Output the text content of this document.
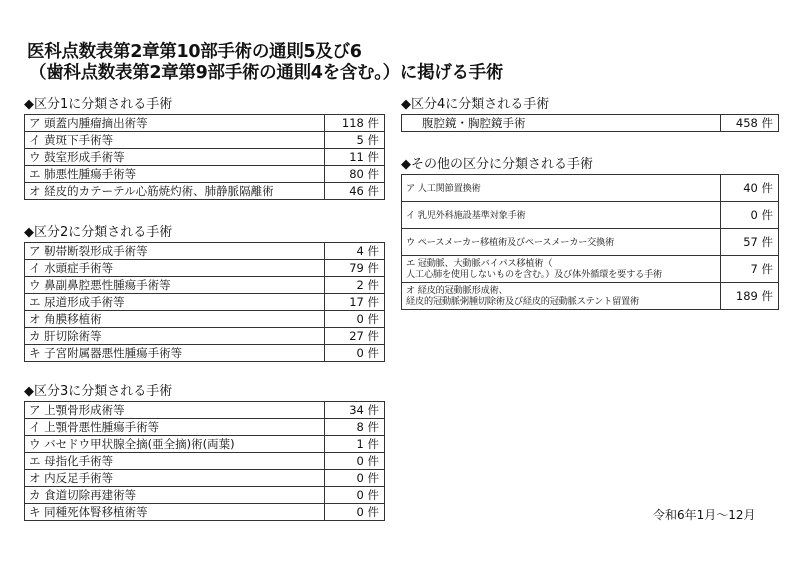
医科点数表第2章第10部手術の通則5及び6
（歯科点数表第2章第9部手術の通則4を含む。）に掲げる手術
◆区分1に分類される手術
ア 頭蓋内腫瘤摘出術等	118 件
イ 黄斑下手術等	5 件
ウ 鼓室形成手術等	11 件
エ 肺悪性腫瘍手術等	80 件
オ 経皮的カテーテル心筋焼灼術、肺静脈隔離術	46 件
◆区分2に分類される手術
ア 靭帯断裂形成手術等	4 件
イ 水頭症手術等	79 件
ウ 鼻副鼻腔悪性腫瘍手術等	2 件
エ 尿道形成手術等	17 件
オ 角膜移植術	0 件
カ 肝切除術等	27 件
キ 子宮附属器悪性腫瘍手術等	0 件
◆区分3に分類される手術
ア 上顎骨形成術等	34 件
イ 上顎骨悪性腫瘍手術等	8 件
ウ バセドウ甲状腺全摘(亜全摘)術(両葉)	1 件
エ 母指化手術等	0 件
オ 内反足手術等	0 件
カ 食道切除再建術等	0 件
キ 同種死体腎移植術等	0 件
◆区分4に分類される手術
腹腔鏡・胸腔鏡手術	458 件
◆その他の区分に分類される手術
ア 人工関節置換術	40 件
イ 乳児外科施設基準対象手術	0 件
ウ ペースメーカー移植術及びペースメーカー交換術	57 件

エ 冠動脈、大動脈バイパス移植術（
人工心肺を使用しないものを含む。）及び体外循環を要する手術	7 件

オ 経皮的冠動脈形成術、
経皮的冠動脈粥腫切除術及び経皮的冠動脈ステント留置術	189 件
令和6年1月～12月
